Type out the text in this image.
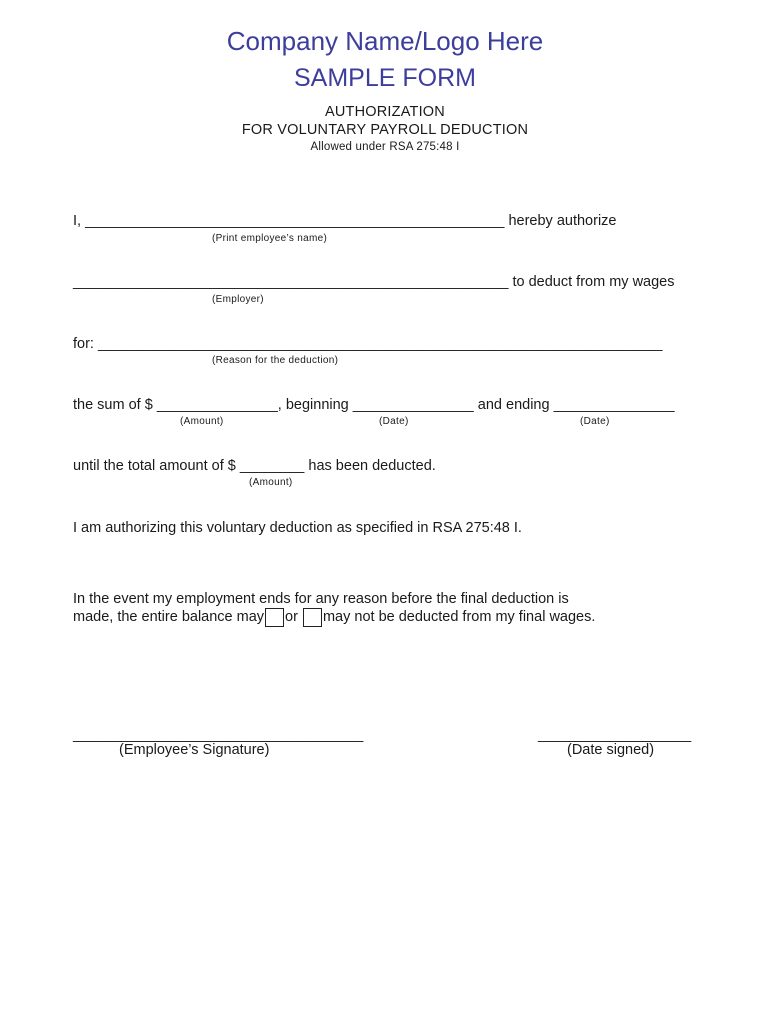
Company Name/Logo Here
SAMPLE FORM
AUTHORIZATION
FOR VOLUNTARY PAYROLL DEDUCTION
Allowed under RSA 275:48 I
I, ____________________________________________________ hereby authorize
(Print employee’s name)
______________________________________________________ to deduct from my wages
(Employer)
for: ______________________________________________________________________
(Reason for the deduction)
the sum of $ _______________, beginning _______________ and ending _______________
(Amount)	(Date)	(Date)
until the total amount of $ ________ has been deducted.
(Amount)
I am authorizing this voluntary deduction as specified in RSA 275:48 I.
In the event my employment ends for any reason before the final deduction is
made, the entire balance may or may not be deducted from my final wages.
____________________________________
(Employee’s Signature)
___________________
(Date signed)
